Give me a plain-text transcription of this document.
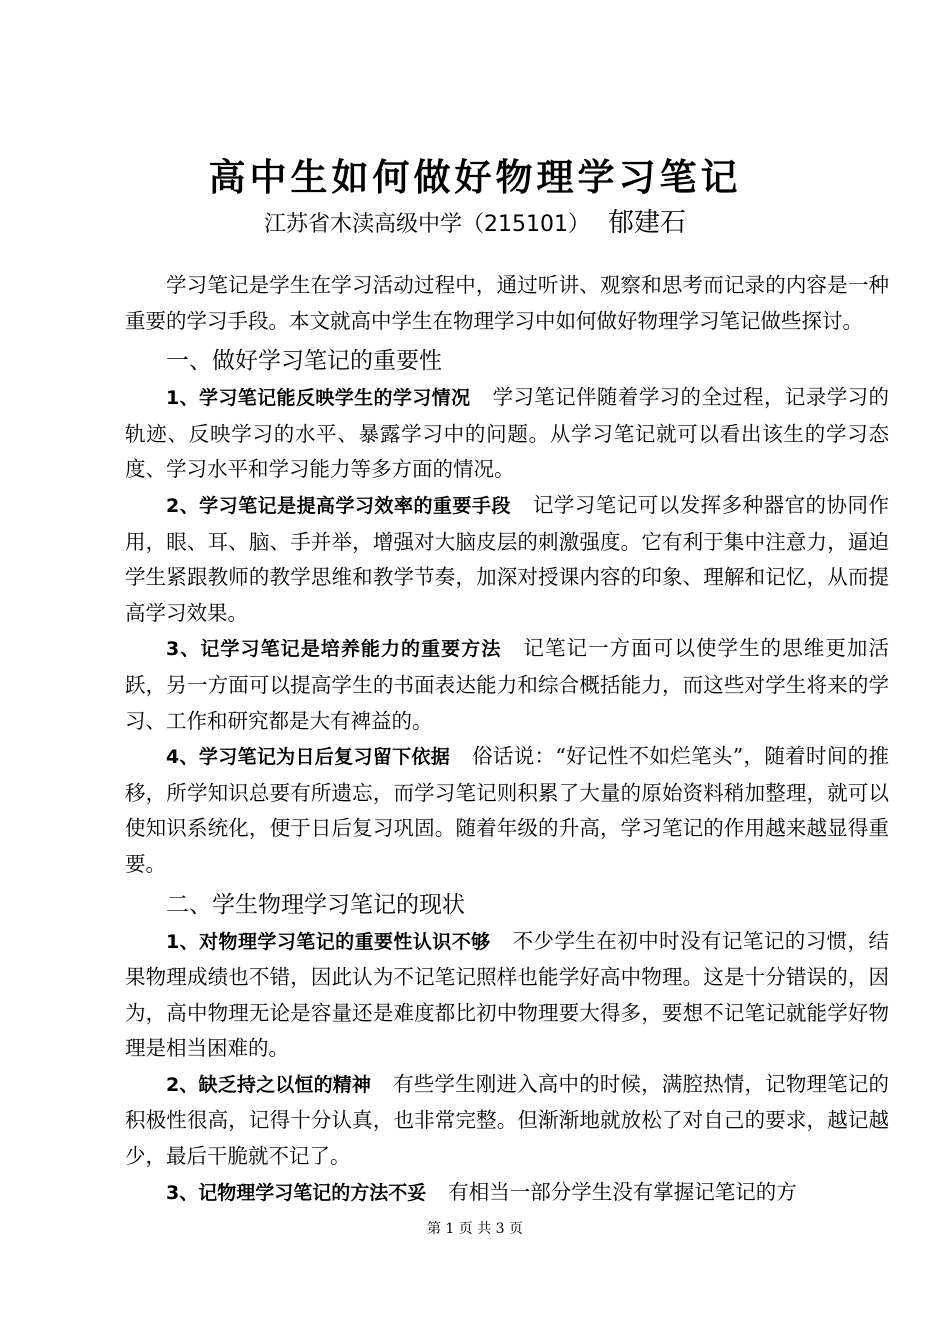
高中生如何做好物理学习笔记
江苏省木渎高级中学（215101） 郁建石

学习笔记是学生在学习活动过程中，通过听讲、观察和思考而记录的内容是一种重要的学习手段。本文就高中学生在物理学习中如何做好物理学习笔记做些探讨。

一、做好学习笔记的重要性

1、学习笔记能反映学生的学习情况 学习笔记伴随着学习的全过程，记录学习的轨迹、反映学习的水平、暴露学习中的问题。从学习笔记就可以看出该生的学习态度、学习水平和学习能力等多方面的情况。

2、学习笔记是提高学习效率的重要手段 记学习笔记可以发挥多种器官的协同作用，眼、耳、脑、手并举，增强对大脑皮层的刺激强度。它有利于集中注意力，逼迫学生紧跟教师的教学思维和教学节奏，加深对授课内容的印象、理解和记忆，从而提高学习效果。

3、记学习笔记是培养能力的重要方法 记笔记一方面可以使学生的思维更加活跃，另一方面可以提高学生的书面表达能力和综合概括能力，而这些对学生将来的学习、工作和研究都是大有裨益的。

4、学习笔记为日后复习留下依据 俗话说：“好记性不如烂笔头”，随着时间的推移，所学知识总要有所遗忘，而学习笔记则积累了大量的原始资料稍加整理，就可以使知识系统化，便于日后复习巩固。随着年级的升高，学习笔记的作用越来越显得重要。

二、学生物理学习笔记的现状

1、对物理学习笔记的重要性认识不够 不少学生在初中时没有记笔记的习惯，结果物理成绩也不错，因此认为不记笔记照样也能学好高中物理。这是十分错误的，因为，高中物理无论是容量还是难度都比初中物理要大得多，要想不记笔记就能学好物理是相当困难的。

2、缺乏持之以恒的精神 有些学生刚进入高中的时候，满腔热情，记物理笔记的积极性很高，记得十分认真，也非常完整。但渐渐地就放松了对自己的要求，越记越少，最后干脆就不记了。

3、记物理学习笔记的方法不妥 有相当一部分学生没有掌握记笔记的方

第 1 页 共 3 页
